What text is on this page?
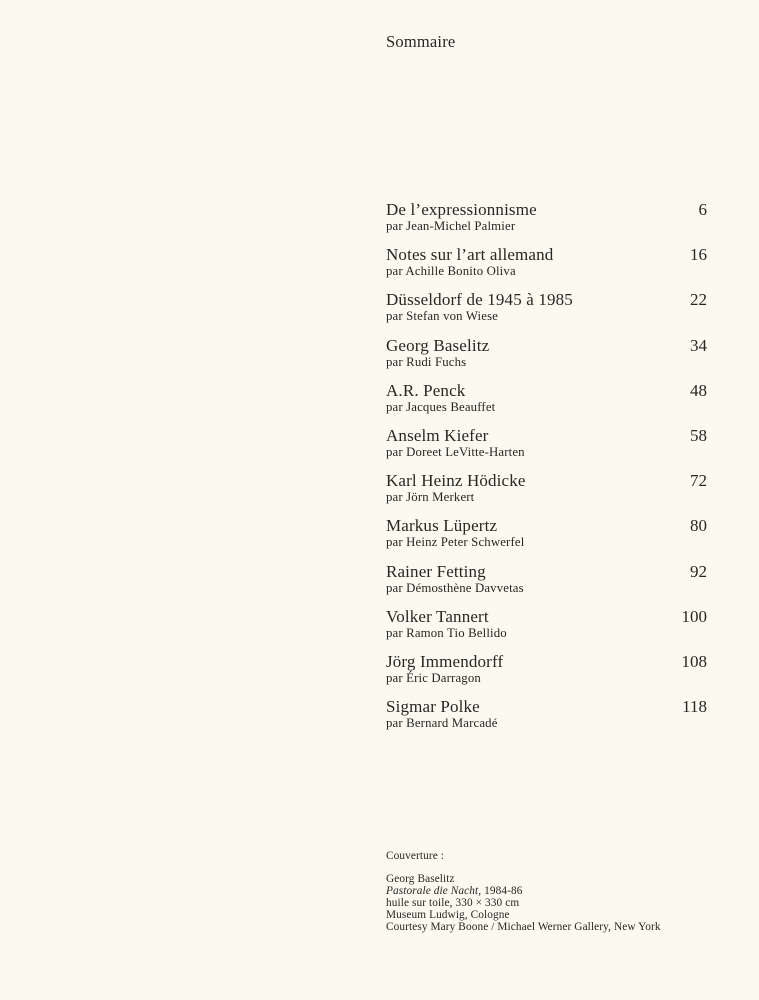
Sommaire
De l’expressionnisme
par Jean-Michel Palmier
6
Notes sur l’art allemand
par Achille Bonito Oliva
16
Düsseldorf de 1945 à 1985
par Stefan von Wiese
22
Georg Baselitz
par Rudi Fuchs
34
A.R. Penck
par Jacques Beauffet
48
Anselm Kiefer
par Doreet LeVitte-Harten
58
Karl Heinz Hödicke
par Jörn Merkert
72
Markus Lüpertz
par Heinz Peter Schwerfel
80
Rainer Fetting
par Démosthène Davvetas
92
Volker Tannert
par Ramon Tio Bellido
100
Jörg Immendorff
par Éric Darragon
108
Sigmar Polke
par Bernard Marcadé
118
Couverture :
Georg Baselitz
Pastorale die Nacht, 1984-86
huile sur toile, 330 × 330 cm
Museum Ludwig, Cologne
Courtesy Mary Boone / Michael Werner Gallery, New York
